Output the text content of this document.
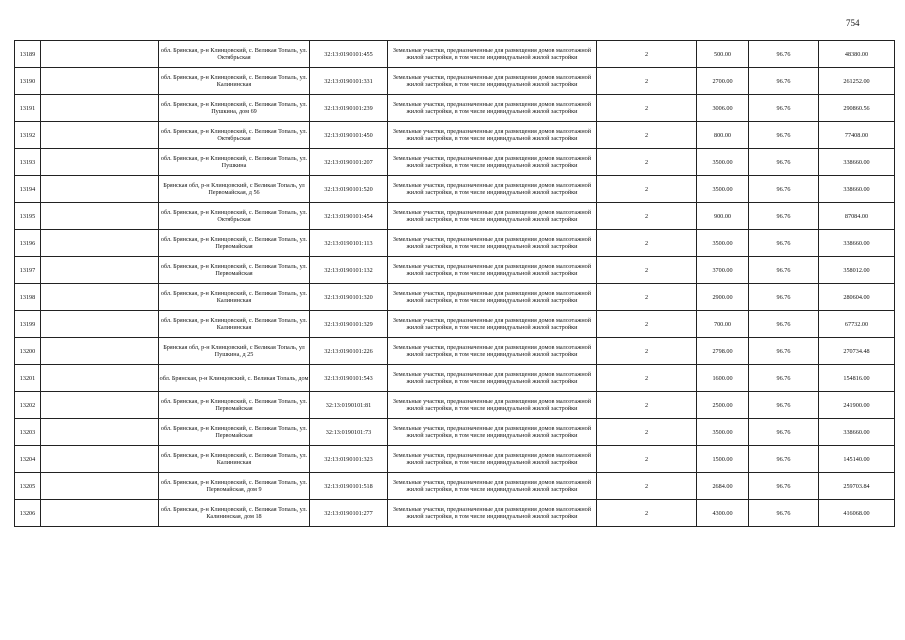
754
13189		обл. Брянская, р-н Клинцовский, с. Великая Топаль, ул. Октябрьская	32:13:0190101:455	Земельные участки, предназначенные для размещения домов малоэтажной жилой застройки, в том числе индивидуальной жилой застройки	2	500.00	96.76	48380.00
13190		обл. Брянская, р-н Клинцовский, с. Великая Топаль, ул. Калининская	32:13:0190101:331	Земельные участки, предназначенные для размещения домов малоэтажной жилой застройки, в том числе индивидуальной жилой застройки	2	2700.00	96.76	261252.00
13191		обл. Брянская, р-н Клинцовский, с. Великая Топаль, ул. Пушкина, дом 69	32:13:0190101:239	Земельные участки, предназначенные для размещения домов малоэтажной жилой застройки, в том числе индивидуальной жилой застройки	2	3006.00	96.76	290860.56
13192		обл. Брянская, р-н Клинцовский, с. Великая Топаль, ул. Октябрьская	32:13:0190101:450	Земельные участки, предназначенные для размещения домов малоэтажной жилой застройки, в том числе индивидуальной жилой застройки	2	800.00	96.76	77408.00
13193		обл. Брянская, р-н Клинцовский, с. Великая Топаль, ул. Пушкина	32:13:0190101:207	Земельные участки, предназначенные для размещения домов малоэтажной жилой застройки, в том числе индивидуальной жилой застройки	2	3500.00	96.76	338660.00
13194		Брянская обл, р-н Клинцовский, с Великая Топаль, ул Первомайская, д 56	32:13:0190101:520	Земельные участки, предназначенные для размещения домов малоэтажной жилой застройки, в том числе индивидуальной жилой застройки	2	3500.00	96.76	338660.00
13195		обл. Брянская, р-н Клинцовский, с. Великая Топаль, ул. Октябрьская	32:13:0190101:454	Земельные участки, предназначенные для размещения домов малоэтажной жилой застройки, в том числе индивидуальной жилой застройки	2	900.00	96.76	87084.00
13196		обл. Брянская, р-н Клинцовский, с. Великая Топаль, ул. Первомайская	32:13:0190101:113	Земельные участки, предназначенные для размещения домов малоэтажной жилой застройки, в том числе индивидуальной жилой застройки	2	3500.00	96.76	338660.00
13197		обл. Брянская, р-н Клинцовский, с. Великая Топаль, ул. Первомайская	32:13:0190101:132	Земельные участки, предназначенные для размещения домов малоэтажной жилой застройки, в том числе индивидуальной жилой застройки	2	3700.00	96.76	358012.00
13198		обл. Брянская, р-н Клинцовский, с. Великая Топаль, ул. Калининская	32:13:0190101:320	Земельные участки, предназначенные для размещения домов малоэтажной жилой застройки, в том числе индивидуальной жилой застройки	2	2900.00	96.76	280604.00
13199		обл. Брянская, р-н Клинцовский, с. Великая Топаль, ул. Калининская	32:13:0190101:329	Земельные участки, предназначенные для размещения домов малоэтажной жилой застройки, в том числе индивидуальной жилой застройки	2	700.00	96.76	67732.00
13200		Брянская обл, р-н Клинцовский, с Великая Топаль, ул Пушкина, д 25	32:13:0190101:226	Земельные участки, предназначенные для размещения домов малоэтажной жилой застройки, в том числе индивидуальной жилой застройки	2	2798.00	96.76	270734.48
13201		обл. Брянская, р-н Клинцовский, с. Великая Топаль, дом	32:13:0190101:543	Земельные участки, предназначенные для размещения домов малоэтажной жилой застройки, в том числе индивидуальной жилой застройки	2	1600.00	96.76	154816.00
13202		обл. Брянская, р-н Клинцовский, с. Великая Топаль, ул. Первомайская	32:13:0190101:81	Земельные участки, предназначенные для размещения домов малоэтажной жилой застройки, в том числе индивидуальной жилой застройки	2	2500.00	96.76	241900.00
13203		обл. Брянская, р-н Клинцовский, с. Великая Топаль, ул. Первомайская	32:13:0190101:73	Земельные участки, предназначенные для размещения домов малоэтажной жилой застройки, в том числе индивидуальной жилой застройки	2	3500.00	96.76	338660.00
13204		обл. Брянская, р-н Клинцовский, с. Великая Топаль, ул. Калининская	32:13:0190101:323	Земельные участки, предназначенные для размещения домов малоэтажной жилой застройки, в том числе индивидуальной жилой застройки	2	1500.00	96.76	145140.00
13205		обл. Брянская, р-н Клинцовский, с. Великая Топаль, ул. Первомайская, дом 9	32:13:0190101:518	Земельные участки, предназначенные для размещения домов малоэтажной жилой застройки, в том числе индивидуальной жилой застройки	2	2684.00	96.76	259703.84
13206		обл. Брянская, р-н Клинцовский, с. Великая Топаль, ул. Калининская, дом 18	32:13:0190101:277	Земельные участки, предназначенные для размещения домов малоэтажной жилой застройки, в том числе индивидуальной жилой застройки	2	4300.00	96.76	416068.00
